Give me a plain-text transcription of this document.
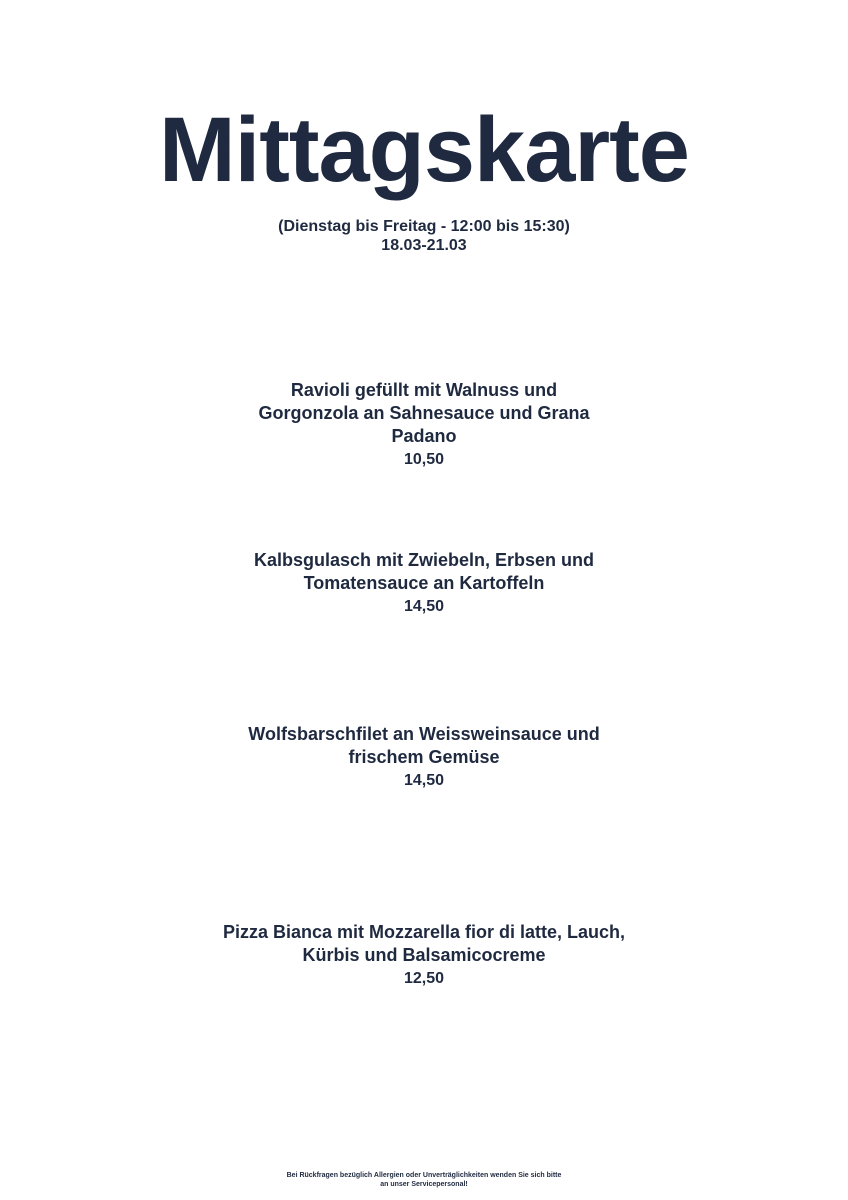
Mittagskarte
(Dienstag bis Freitag - 12:00 bis 15:30)
18.03-21.03
Ravioli gefüllt mit Walnuss und
Gorgonzola an Sahnesauce und Grana
Padano
10,50
Kalbsgulasch mit Zwiebeln, Erbsen und
Tomatensauce an Kartoffeln
14,50
Wolfsbarschfilet an Weissweinsauce und
frischem Gemüse
14,50
Pizza Bianca mit Mozzarella fior di latte, Lauch,
Kürbis und Balsamicocreme
12,50
Bei Rückfragen bezüglich Allergien oder Unverträglichkeiten wenden Sie sich bitte
an unser Servicepersonal!
